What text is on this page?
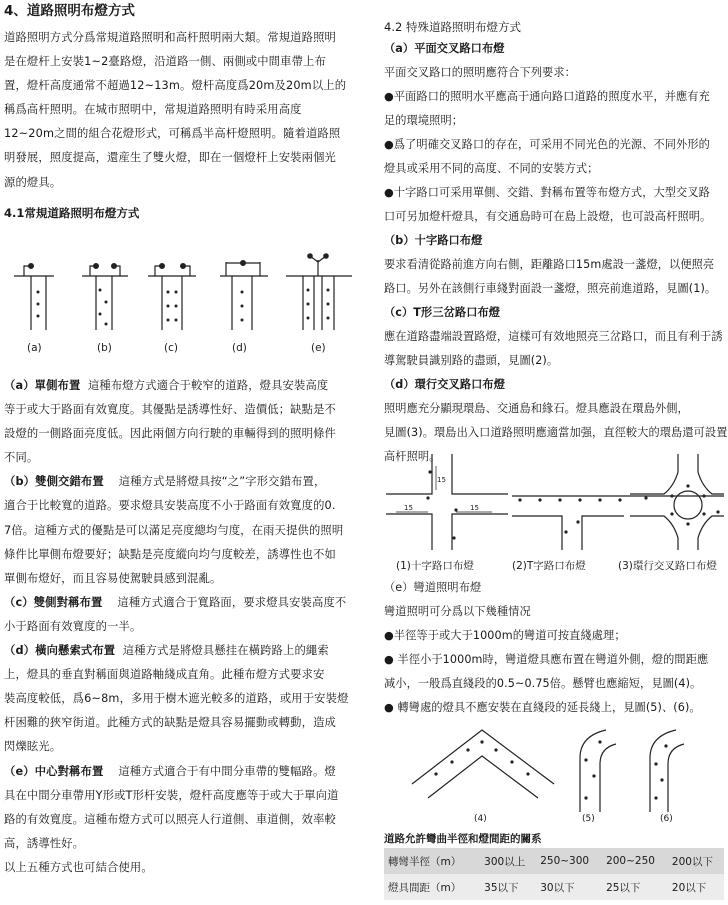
4、道路照明布燈方式
道路照明方式分爲常規道路照明和高杆照明兩大類。常規道路照明
是在燈杆上安裝1~2臺路燈，沿道路一側、兩側或中間車帶上布
置，燈杆高度通常不超過12~13m。燈杆高度爲20m及20m以上的
稱爲高杆照明。在城市照明中，常規道路照明有時采用高度
12~20m之間的組合花燈形式，可稱爲半高杆燈照明。隨着道路照
明發展，照度提高，還産生了雙火燈，即在一個燈杆上安裝兩個光
源的燈具。
4.1常規道路照明布燈方式
(a)	(b)	(c)	(d)	(e)
（a）單側布置 這種布燈方式適合于較窄的道路，燈具安裝高度
等于或大于路面有效寬度。其優點是誘導性好、造價低；缺點是不
設燈的一側路面亮度低。因此兩個方向行駛的車輛得到的照明條件
不同。
（b）雙側交錯布置 這種方式是將燈具按“之”字形交錯布置，
適合于比較寬的道路。要求燈具安裝高度不小于路面有效寬度的0.
7倍。這種方式的優點是可以滿足亮度總均勻度，在雨天提供的照明
條件比單側布燈要好；缺點是亮度縱向均勻度較差，誘導性也不如
單側布燈好，而且容易使駕駛員感到混亂。
（c）雙側對稱布置 這種方式適合于寬路面，要求燈具安裝高度不
小于路面有效寬度的一半。
（d）橫向懸索式布置 這種方式是將燈具懸挂在橫跨路上的繩索
上，燈具的垂直對稱面與道路軸綫成直角。此種布燈方式要求安
裝高度較低，爲6~8m，多用于樹木遮光較多的道路，或用于安裝燈
杆困難的狹窄街道。此種方式的缺點是燈具容易擺動或轉動，造成
閃爍眩光。
（e）中心對稱布置 這種方式適合于有中間分車帶的雙幅路。燈
具在中間分車帶用Y形或T形杆安裝，燈杆高度應等于或大于單向道
路的有效寬度。這種布燈方式可以照亮人行道側、車道側，效率較
高，誘導性好。
以上五種方式也可結合使用。
4.2 特殊道路照明布燈方式
（a）平面交叉路口布燈
平面交叉路口的照明應符合下列要求：
●平面路口的照明水平應高于通向路口道路的照度水平，并應有充
足的環境照明；
●爲了明確交叉路口的存在，可采用不同光色的光源、不同外形的
燈具或采用不同的高度、不同的安裝方式；
●十字路口可采用單側、交錯、對稱布置等布燈方式，大型交叉路
口可另加燈杆燈具，有交通島時可在島上設燈，也可設高杆照明。
（b）十字路口布燈
要求看清從路前進方向右側，距離路口15m處設一盞燈，以便照亮
路口。另外在該側行車綫對面設一盞燈，照亮前進道路，見圖(1)。
（c）T形三岔路口布燈
應在道路盡端設置路燈，這樣可有效地照亮三岔路口，而且有利于誘
導駕駛員識别路的盡頭，見圖(2)。
（d）環行交叉路口布燈
照明應充分顯現環島、交通島和緣石。燈具應設在環島外側，
見圖(3)。環島出入口道路照明應適當加强，直徑較大的環島還可設置
高杆照明。
15	15
15
(1)十字路口布燈	(2)T字路口布燈	(3)環行交叉路口布燈
（e）彎道照明布燈
彎道照明可分爲以下幾種情况
●半徑等于或大于1000m的彎道可按直綫處理；
● 半徑小于1000m時，彎道燈具應布置在彎道外側，燈的間距應
减小，一般爲直綫段的0.5~0.75倍。懸臂也應縮短，見圖(4)。
● 轉彎處的燈具不應安裝在直綫段的延長綫上，見圖(5)、(6)。
(4)	(5)	(6)
道路允許彎曲半徑和燈間距的關系
轉彎半徑（m）	300以上	250~300	200~250	200以下
燈具間距（m）	35以下	30以下	25以下	20以下
